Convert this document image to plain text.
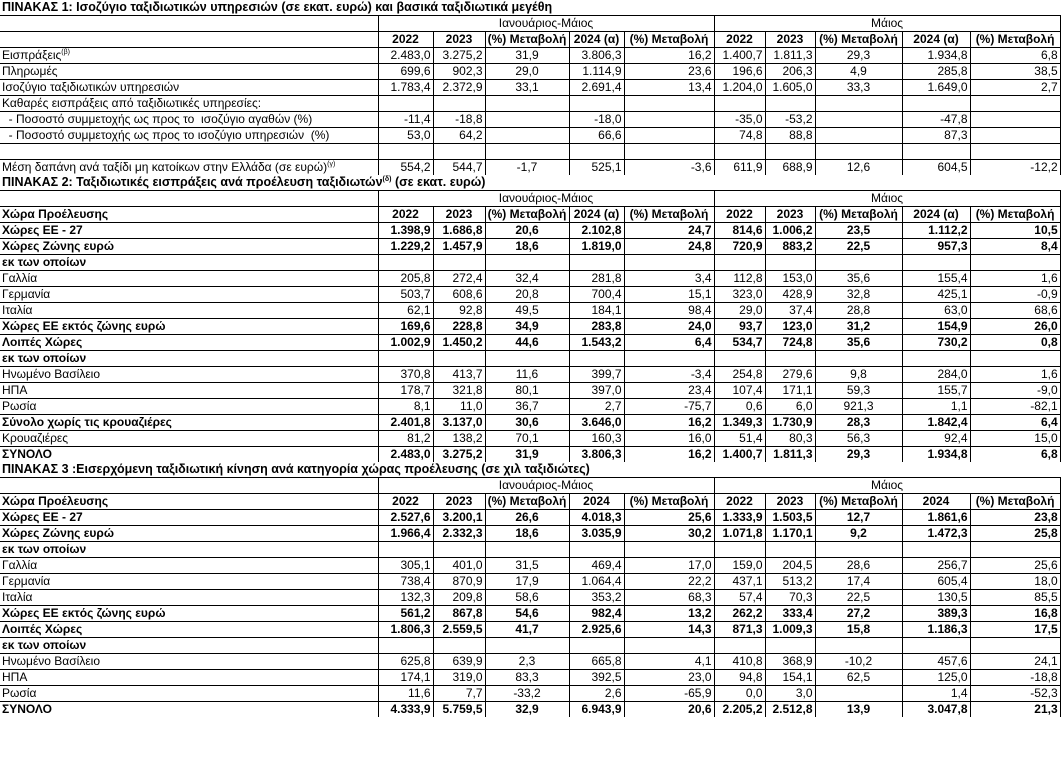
ΠΙΝΑΚΑΣ 1: Ισοζύγιο ταξιδιωτικών υπηρεσιών (σε εκατ. ευρώ) και βασικά ταξιδιωτικά μεγέθη										
	Ιανουάριος-Μάιος					Μάιος				
	2022	2023	(%) Μεταβολή	2024 (α)	(%) Μεταβολή	2022	2023	(%) Μεταβολή	2024 (α)	(%) Μεταβολή
Εισπράξεις$^{(\beta)}$	2.483,0	3.275,2	31,9	3.806,3	16,2	1.400,7	1.811,3	29,3	1.934,8	6,8
Πληρωμές	699,6	902,3	29,0	1.114,9	23,6	196,6	206,3	4,9	285,8	38,5
Ισοζύγιο ταξιδιωτικών υπηρεσιών	1.783,4	2.372,9	33,1	2.691,4	13,4	1.204,0	1.605,0	33,3	1.649,0	2,7
Καθαρές εισπράξεις από ταξιδιωτικές υπηρεσίες:										
- Ποσοστό συμμετοχής ως προς το  ισοζύγιο αγαθών (%)	-11,4	-18,8		-18,0		-35,0	-53,2		-47,8	
- Ποσοστό συμμετοχής ως προς το ισοζύγιο υπηρεσιών  (%)	53,0	64,2		66,6		74,8	88,8		87,3	

Μέση δαπάνη ανά ταξίδι μη κατοίκων στην Ελλάδα (σε ευρώ)$^{(\gamma)}$	554,2	544,7	-1,7	525,1	-3,6	611,9	688,9	12,6	604,5	-12,2
ΠΙΝΑΚΑΣ 2: Ταξιδιωτικές εισπράξεις ανά προέλευση ταξιδιωτών$^{(\delta)}$ (σε εκατ. ευρώ)										
	Ιανουάριος-Μάιος					Μάιος				
Χώρα Προέλευσης	2022	2023	(%) Μεταβολή	2024 (α)	(%) Μεταβολή	2022	2023	(%) Μεταβολή	2024 (α)	(%) Μεταβολή
Χώρες ΕΕ - 27	1.398,9	1.686,8	20,6	2.102,8	24,7	814,6	1.006,2	23,5	1.112,2	10,5
Χώρες Ζώνης ευρώ	1.229,2	1.457,9	18,6	1.819,0	24,8	720,9	883,2	22,5	957,3	8,4
εκ των οποίων										
Γαλλία	205,8	272,4	32,4	281,8	3,4	112,8	153,0	35,6	155,4	1,6
Γερμανία	503,7	608,6	20,8	700,4	15,1	323,0	428,9	32,8	425,1	-0,9
Ιταλία	62,1	92,8	49,5	184,1	98,4	29,0	37,4	28,8	63,0	68,6
Χώρες ΕΕ εκτός ζώνης ευρώ	169,6	228,8	34,9	283,8	24,0	93,7	123,0	31,2	154,9	26,0
Λοιπές Χώρες	1.002,9	1.450,2	44,6	1.543,2	6,4	534,7	724,8	35,6	730,2	0,8
εκ των οποίων										
Ηνωμένο Βασίλειο	370,8	413,7	11,6	399,7	-3,4	254,8	279,6	9,8	284,0	1,6
ΗΠΑ	178,7	321,8	80,1	397,0	23,4	107,4	171,1	59,3	155,7	-9,0
Ρωσία	8,1	11,0	36,7	2,7	-75,7	0,6	6,0	921,3	1,1	-82,1
Σύνολο χωρίς τις κρουαζιέρες	2.401,8	3.137,0	30,6	3.646,0	16,2	1.349,3	1.730,9	28,3	1.842,4	6,4
Κρουαζιέρες	81,2	138,2	70,1	160,3	16,0	51,4	80,3	56,3	92,4	15,0
ΣΥΝΟΛΟ	2.483,0	3.275,2	31,9	3.806,3	16,2	1.400,7	1.811,3	29,3	1.934,8	6,8
ΠΙΝΑΚΑΣ 3 :Εισερχόμενη ταξιδιωτική κίνηση ανά κατηγορία χώρας προέλευσης (σε χιλ ταξιδιώτες)										
	Ιανουάριος-Μάιος					Μάιος				
Χώρα Προέλευσης	2022	2023	(%) Μεταβολή	2024	(%) Μεταβολή	2022	2023	(%) Μεταβολή	2024	(%) Μεταβολή
Χώρες ΕΕ - 27	2.527,6	3.200,1	26,6	4.018,3	25,6	1.333,9	1.503,5	12,7	1.861,6	23,8
Χώρες Ζώνης ευρώ	1.966,4	2.332,3	18,6	3.035,9	30,2	1.071,8	1.170,1	9,2	1.472,3	25,8
εκ των οποίων										
Γαλλία	305,1	401,0	31,5	469,4	17,0	159,0	204,5	28,6	256,7	25,6
Γερμανία	738,4	870,9	17,9	1.064,4	22,2	437,1	513,2	17,4	605,4	18,0
Ιταλία	132,3	209,8	58,6	353,2	68,3	57,4	70,3	22,5	130,5	85,5
Χώρες ΕΕ εκτός ζώνης ευρώ	561,2	867,8	54,6	982,4	13,2	262,2	333,4	27,2	389,3	16,8
Λοιπές Χώρες	1.806,3	2.559,5	41,7	2.925,6	14,3	871,3	1.009,3	15,8	1.186,3	17,5
εκ των οποίων										
Ηνωμένο Βασίλειο	625,8	639,9	2,3	665,8	4,1	410,8	368,9	-10,2	457,6	24,1
ΗΠΑ	174,1	319,0	83,3	392,5	23,0	94,8	154,1	62,5	125,0	-18,8
Ρωσία	11,6	7,7	-33,2	2,6	-65,9	0,0	3,0		1,4	-52,3
ΣΥΝΟΛΟ	4.333,9	5.759,5	32,9	6.943,9	20,6	2.205,2	2.512,8	13,9	3.047,8	21,3
